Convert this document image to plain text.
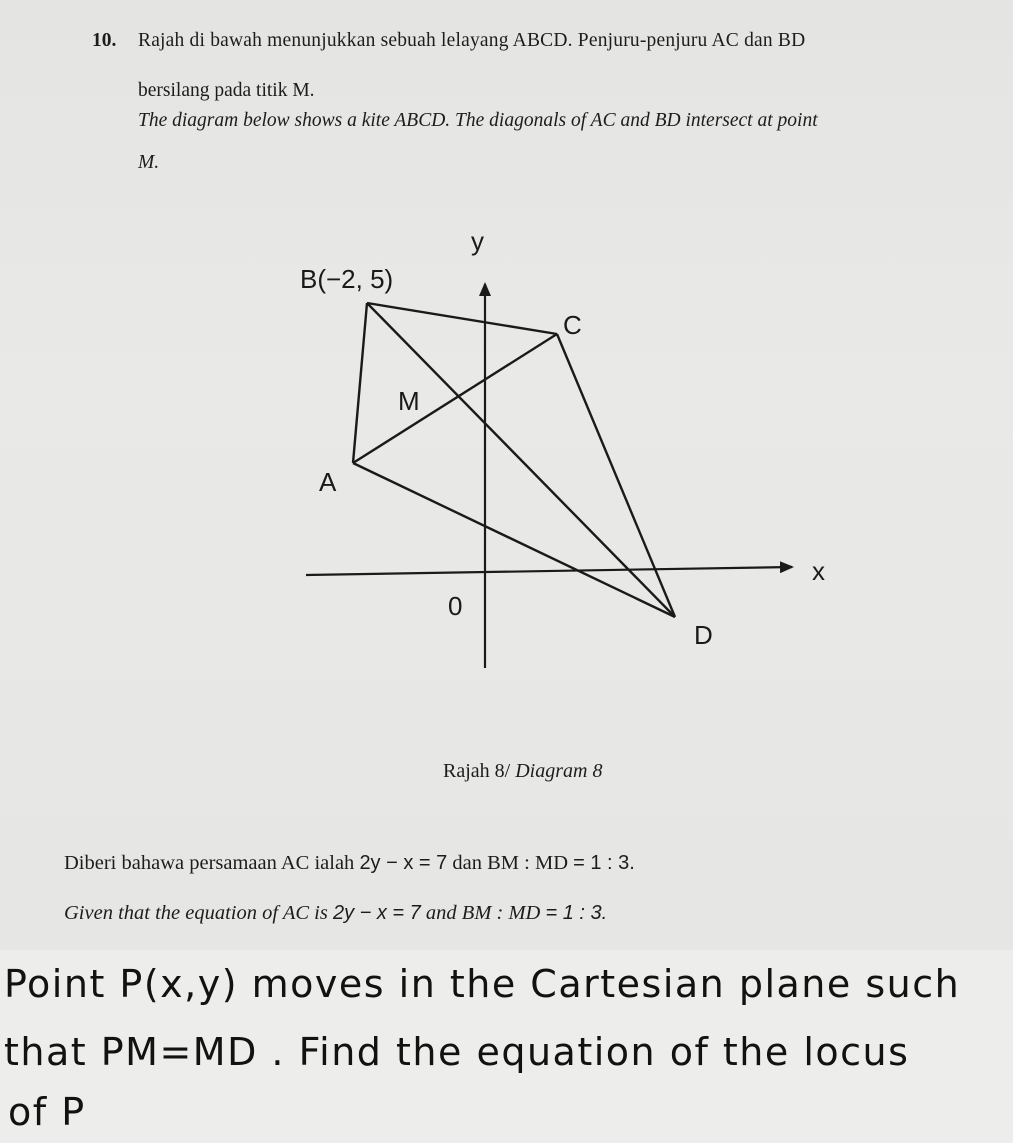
10. Rajah di bawah menunjukkan sebuah lelayang ABCD. Penjuru-penjuru AC dan BD
bersilang pada titik M.
The diagram below shows a kite ABCD. The diagonals of AC and BD intersect at point
M.
y
x
B(−2, 5)
C
M
A
0
D
Rajah 8/ Diagram 8
Diberi bahawa persamaan AC ialah 2y − x = 7 dan BM : MD = 1 : 3.
Given that the equation of AC is 2y − x = 7 and BM : MD = 1 : 3.
Point P(x,y) moves in the Cartesian plane such
that PM=MD . Find the equation of the locus
of P
